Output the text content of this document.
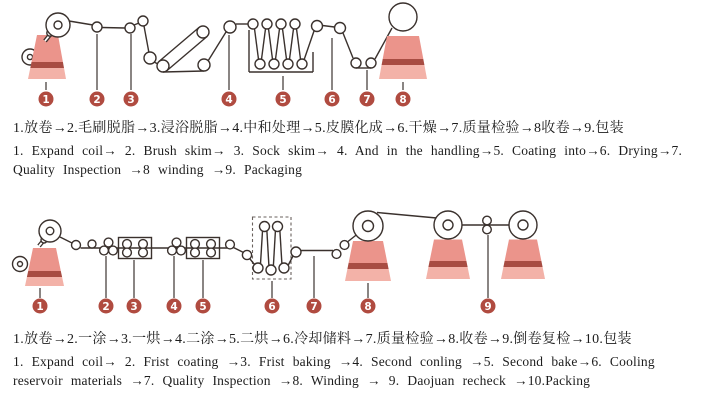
1	2	3	4	5	6	7	8
1.放卷→2.毛刷脱脂→3.浸浴脱脂→4.中和处理→5.皮膜化成→6.干燥→7.质量检验→8收卷→9.包装
1. Expand coil→ 2. Brush skim→ 3. Sock skim→ 4. And in the handling→5. Coating into→6. Drying→7.
Quality Inspection →8 winding →9. Packaging
1	2 3	4 5	6	7	8	9
1.放卷→2.一涂→3.一烘→4.二涂→5.二烘→6.冷却储料→7.质量检验→8.收卷→9.倒卷复检→10.包装
1. Expand coil→ 2. Frist coating →3. Frist baking →4. Second conling →5. Second bake→6. Cooling
reservoir materials →7. Quality Inspection →8. Winding → 9. Daojuan recheck →10.Packing
